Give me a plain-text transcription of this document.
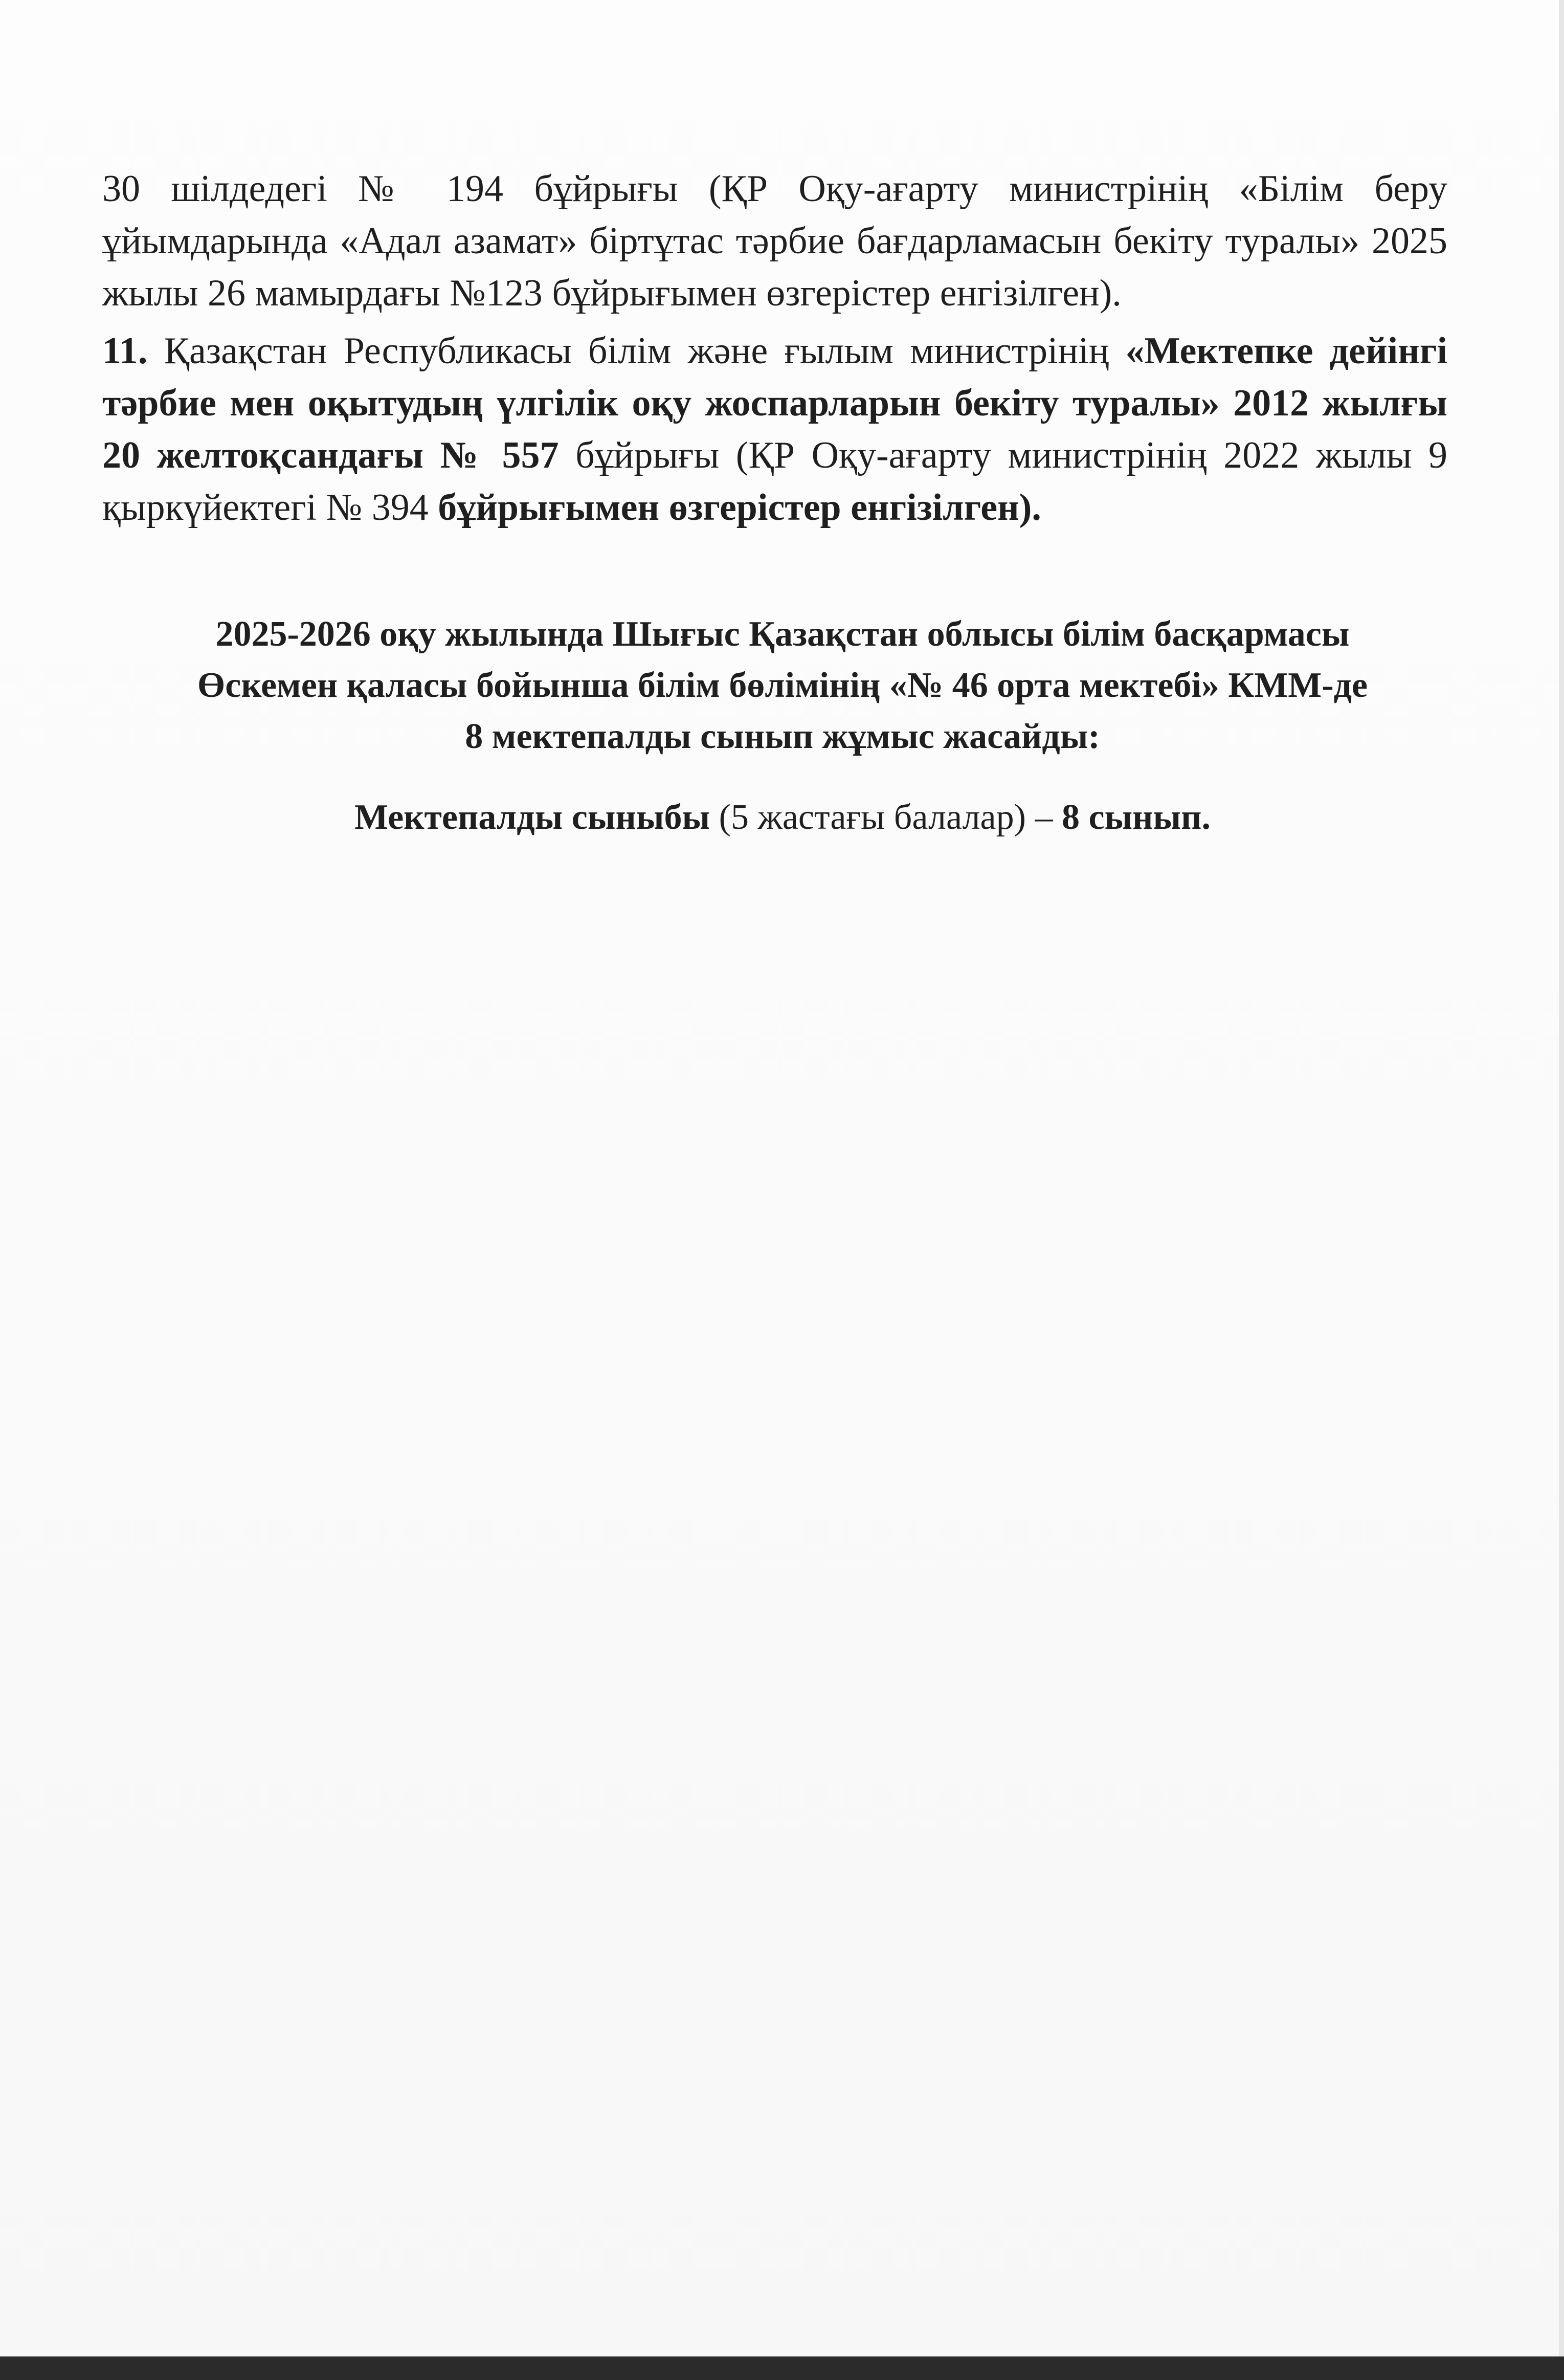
30 шілдедегі № 194 бұйрығы (ҚР Оқу-ағарту министрінің «Білім беру ұйымдарында «Адал азамат» біртұтас тәрбие бағдарламасын бекіту туралы» 2025 жылы 26 мамырдағы №123 бұйрығымен өзгерістер енгізілген).

11. Қазақстан Республикасы білім және ғылым министрінің «Мектепке дейінгі тәрбие мен оқытудың үлгілік оқу жоспарларын бекіту туралы» 2012 жылғы 20 желтоқсандағы № 557 бұйрығы (ҚР Оқу-ағарту министрінің 2022 жылы 9 қыркүйектегі № 394 бұйрығымен өзгерістер енгізілген).

2025-2026 оқу жылында Шығыс Қазақстан облысы білім басқармасы
Өскемен қаласы бойынша білім бөлімінің «№ 46 орта мектебі» КММ-де
8 мектепалды сынып жұмыс жасайды:

Мектепалды сыныбы (5 жастағы балалар) – 8 сынып.
